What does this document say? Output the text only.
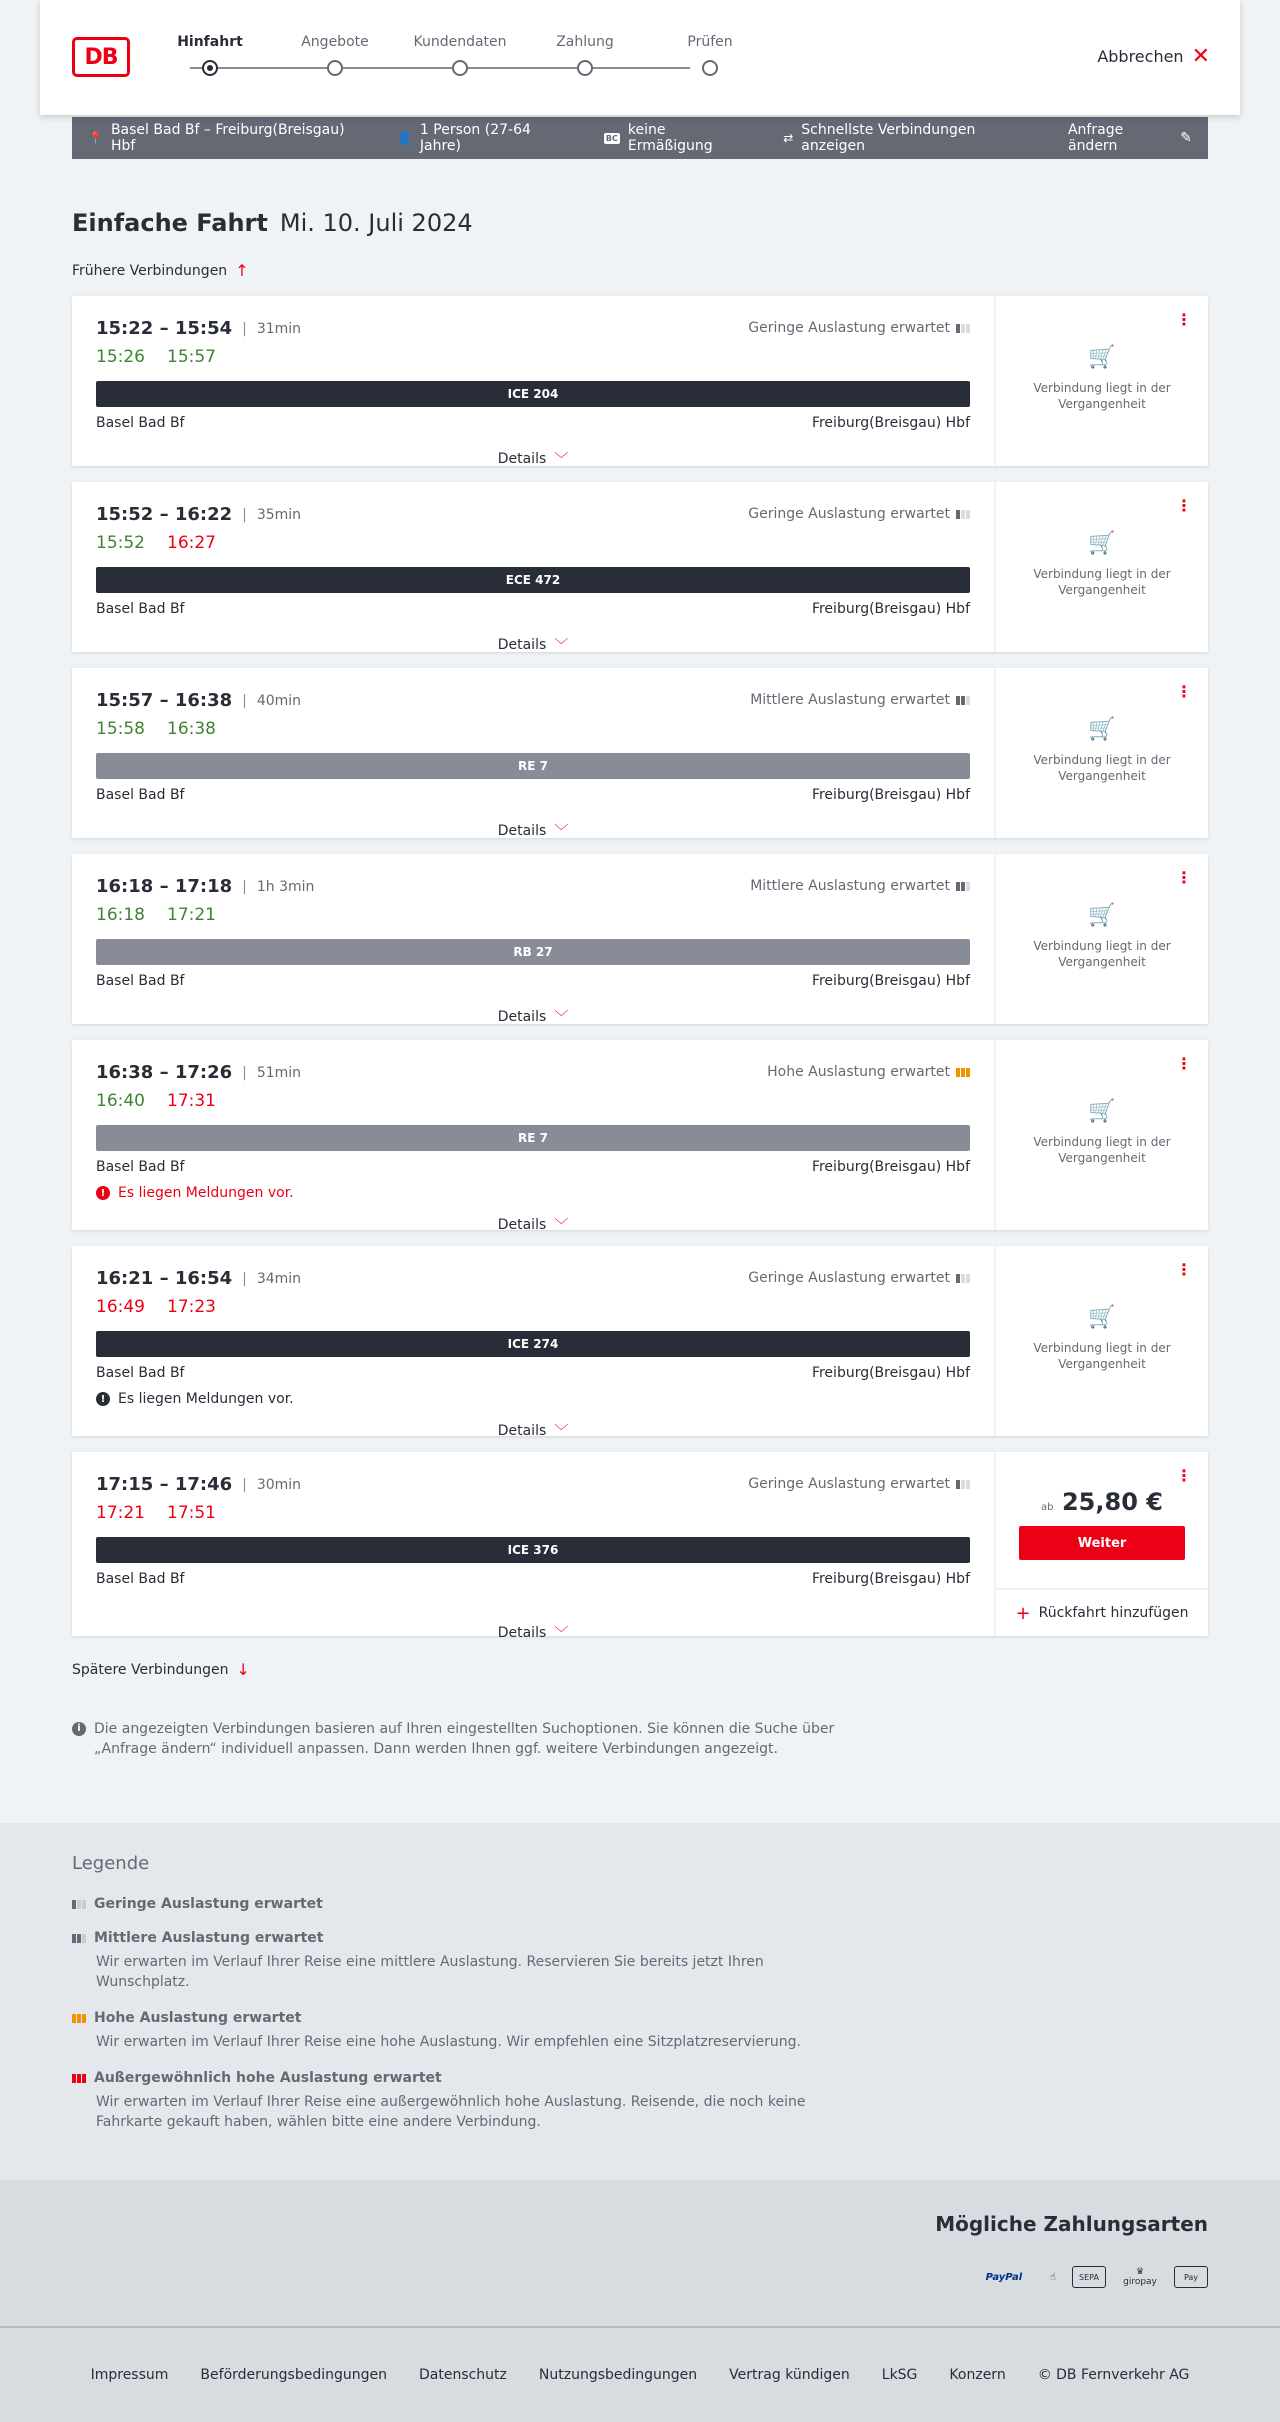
DB
Hinfahrt	Angebote	Kundendaten	Zahlung	Prüfen
Abbrechen ✕
📍 Basel Bad Bf – Freiburg(Breisgau) Hbf	👤 1 Person (27-64 Jahre)	BC keine Ermäßigung	⇄ Schnellste Verbindungen anzeigen
Anfrage ändern	✎
Einfache Fahrt Mi. 10. Juli 2024
Frühere Verbindungen ↑
15:22 – 15:54 | 31min	Geringe Auslastung erwartet
15:26 15:57
ICE 204
Basel Bad Bf	Freiburg(Breisgau) Hbf
Details ﹀
⋮
🛒
Verbindung liegt in der Vergangenheit
15:52 – 16:22 | 35min	Geringe Auslastung erwartet
15:52 16:27
ECE 472
Basel Bad Bf	Freiburg(Breisgau) Hbf
Details ﹀
⋮
🛒
Verbindung liegt in der Vergangenheit
15:57 – 16:38 | 40min	Mittlere Auslastung erwartet
15:58 16:38
RE 7
Basel Bad Bf	Freiburg(Breisgau) Hbf
Details ﹀
⋮
🛒
Verbindung liegt in der Vergangenheit
16:18 – 17:18 | 1h 3min	Mittlere Auslastung erwartet
16:18 17:21
RB 27
Basel Bad Bf	Freiburg(Breisgau) Hbf
Details ﹀
⋮
🛒
Verbindung liegt in der Vergangenheit
16:38 – 17:26 | 51min	Hohe Auslastung erwartet
16:40 17:31
RE 7
Basel Bad Bf	Freiburg(Breisgau) Hbf
! Es liegen Meldungen vor.
Details ﹀
⋮
🛒
Verbindung liegt in der Vergangenheit
16:21 – 16:54 | 34min	Geringe Auslastung erwartet
16:49 17:23
ICE 274
Basel Bad Bf	Freiburg(Breisgau) Hbf
! Es liegen Meldungen vor.
Details ﹀
⋮
🛒
Verbindung liegt in der Vergangenheit
17:15 – 17:46 | 30min	Geringe Auslastung erwartet
17:21 17:51
ICE 376
Basel Bad Bf	Freiburg(Breisgau) Hbf
Details ﹀
⋮
ab 25,80 €
Weiter
+ Rückfahrt hinzufügen
Spätere Verbindungen ↓
i Die angezeigten Verbindungen basieren auf Ihren eingestellten Suchoptionen. Sie können die Suche über „Anfrage ändern“ individuell anpassen. Dann werden Ihnen ggf. weitere Verbindungen angezeigt.
Legende
Geringe Auslastung erwartet
Mittlere Auslastung erwartet
Wir erwarten im Verlauf Ihrer Reise eine mittlere Auslastung. Reservieren Sie bereits jetzt Ihren Wunschplatz.
Hohe Auslastung erwartet
Wir erwarten im Verlauf Ihrer Reise eine hohe Auslastung. Wir empfehlen eine Sitzplatzreservierung.
Außergewöhnlich hohe Auslastung erwartet
Wir erwarten im Verlauf Ihrer Reise eine außergewöhnlich hohe Auslastung. Reisende, die noch keine Fahrkarte gekauft haben, wählen bitte eine andere Verbindung.
Mögliche Zahlungsarten
PayPal	☝	SEPA	♛
giropay	Pay
Impressum Beförderungsbedingungen Datenschutz Nutzungsbedingungen Vertrag kündigen LkSG Konzern © DB Fernverkehr AG
